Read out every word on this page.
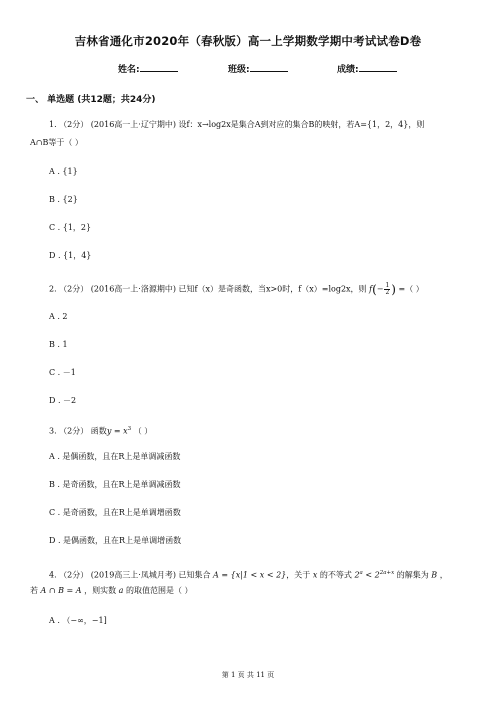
吉林省通化市2020年（春秋版）高一上学期数学期中考试试卷D卷
姓名:	班级:	成绩:
一、 单选题 (共12题；共24分)
1. （2分） (2016高一上·辽宁期中) 设f：x→log2x是集合A到对应的集合B的映射，若A={1，2，4}，则
A∩B等于（ ）
A . {1}
B . {2}
C . {1，2}
D . {1，4}
2. （2分） (2016高一上·洛源期中) 已知f（x）是奇函数，当x>0时，f（x）=log2x，则 $f(- \frac{1}{2}$ ) =（ ）
A . 2
B . 1
C . －1
D . －2
3. （2分） 函数$y = x^3$ （ ）
A . 是偶函数，且在R上是单调减函数
B . 是奇函数，且在R上是单调减函数
C . 是奇函数，且在R上是单调增函数
D . 是偶函数，且在R上是单调增函数
4. （2分） (2019高三上·凤城月考) 已知集合 A = {x|1 < x < 2}，关于 x 的不等式 $2^a < 2^{2a+x}$ 的解集为 B ，
若 A ∩ B = A ，则实数 a 的取值范围是（ ）
A . （−∞，−1]
第 1 页 共 11 页
